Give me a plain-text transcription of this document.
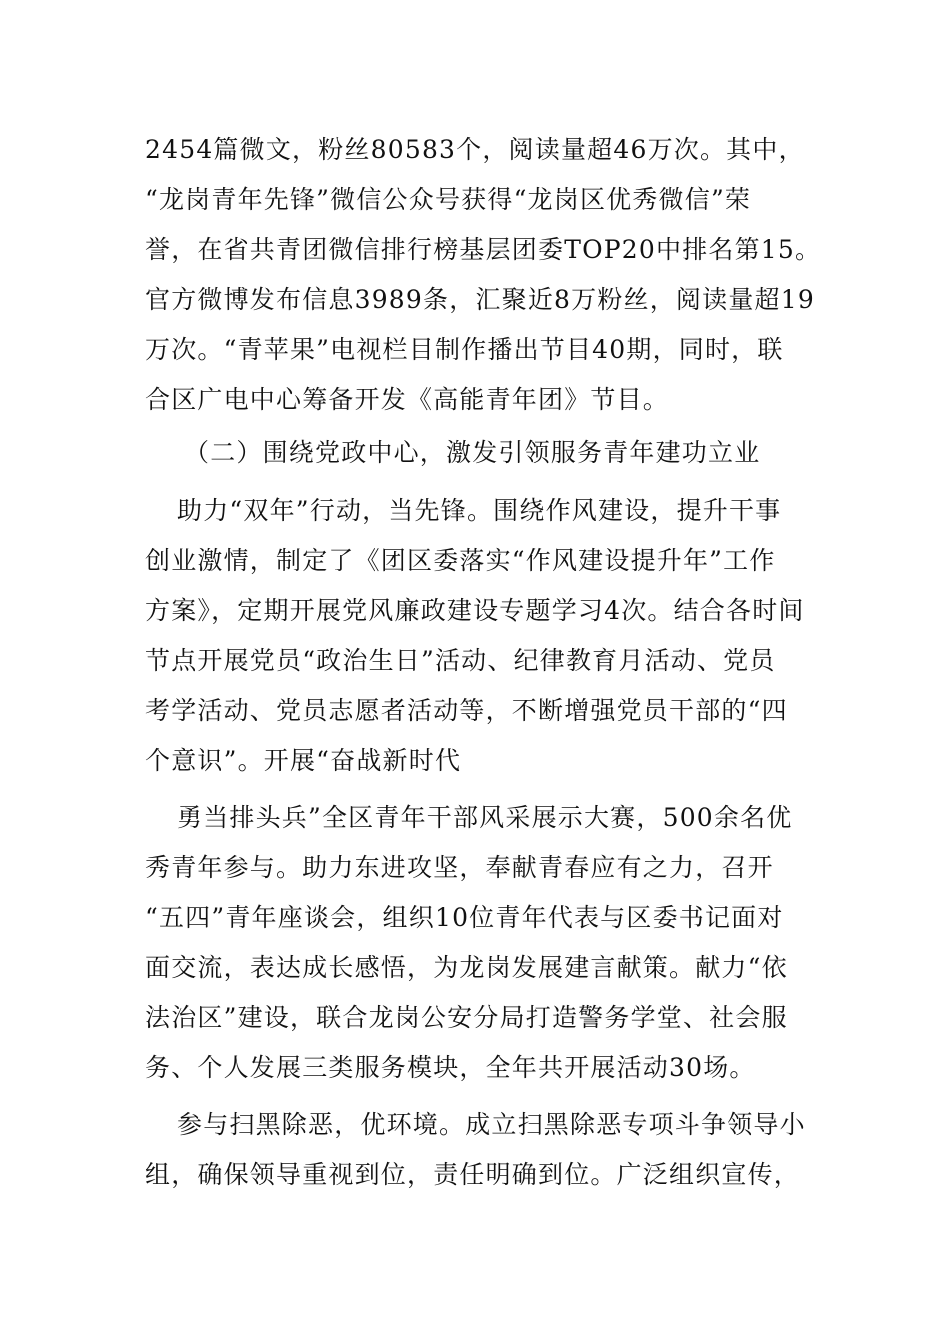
2454篇微文，粉丝80583个，阅读量超46万次。其中，
“龙岗青年先锋”微信公众号获得“龙岗区优秀微信”荣
誉，在省共青团微信排行榜基层团委TOP20中排名第15。
官方微博发布信息3989条，汇聚近8万粉丝，阅读量超19
万次。“青苹果”电视栏目制作播出节目40期，同时，联
合区广电中心筹备开发《高能青年团》节目。
（二）围绕党政中心，激发引领服务青年建功立业
助力“双年”行动，当先锋。围绕作风建设，提升干事
创业激情，制定了《团区委落实“作风建设提升年”工作
方案》，定期开展党风廉政建设专题学习4次。结合各时间
节点开展党员“政治生日”活动、纪律教育月活动、党员
考学活动、党员志愿者活动等，不断增强党员干部的“四
个意识”。开展“奋战新时代
勇当排头兵”全区青年干部风采展示大赛，500余名优
秀青年参与。助力东进攻坚，奉献青春应有之力，召开
“五四”青年座谈会，组织10位青年代表与区委书记面对
面交流，表达成长感悟，为龙岗发展建言献策。献力“依
法治区”建设，联合龙岗公安分局打造警务学堂、社会服
务、个人发展三类服务模块，全年共开展活动30场。
参与扫黑除恶，优环境。成立扫黑除恶专项斗争领导小
组，确保领导重视到位，责任明确到位。广泛组织宣传，
